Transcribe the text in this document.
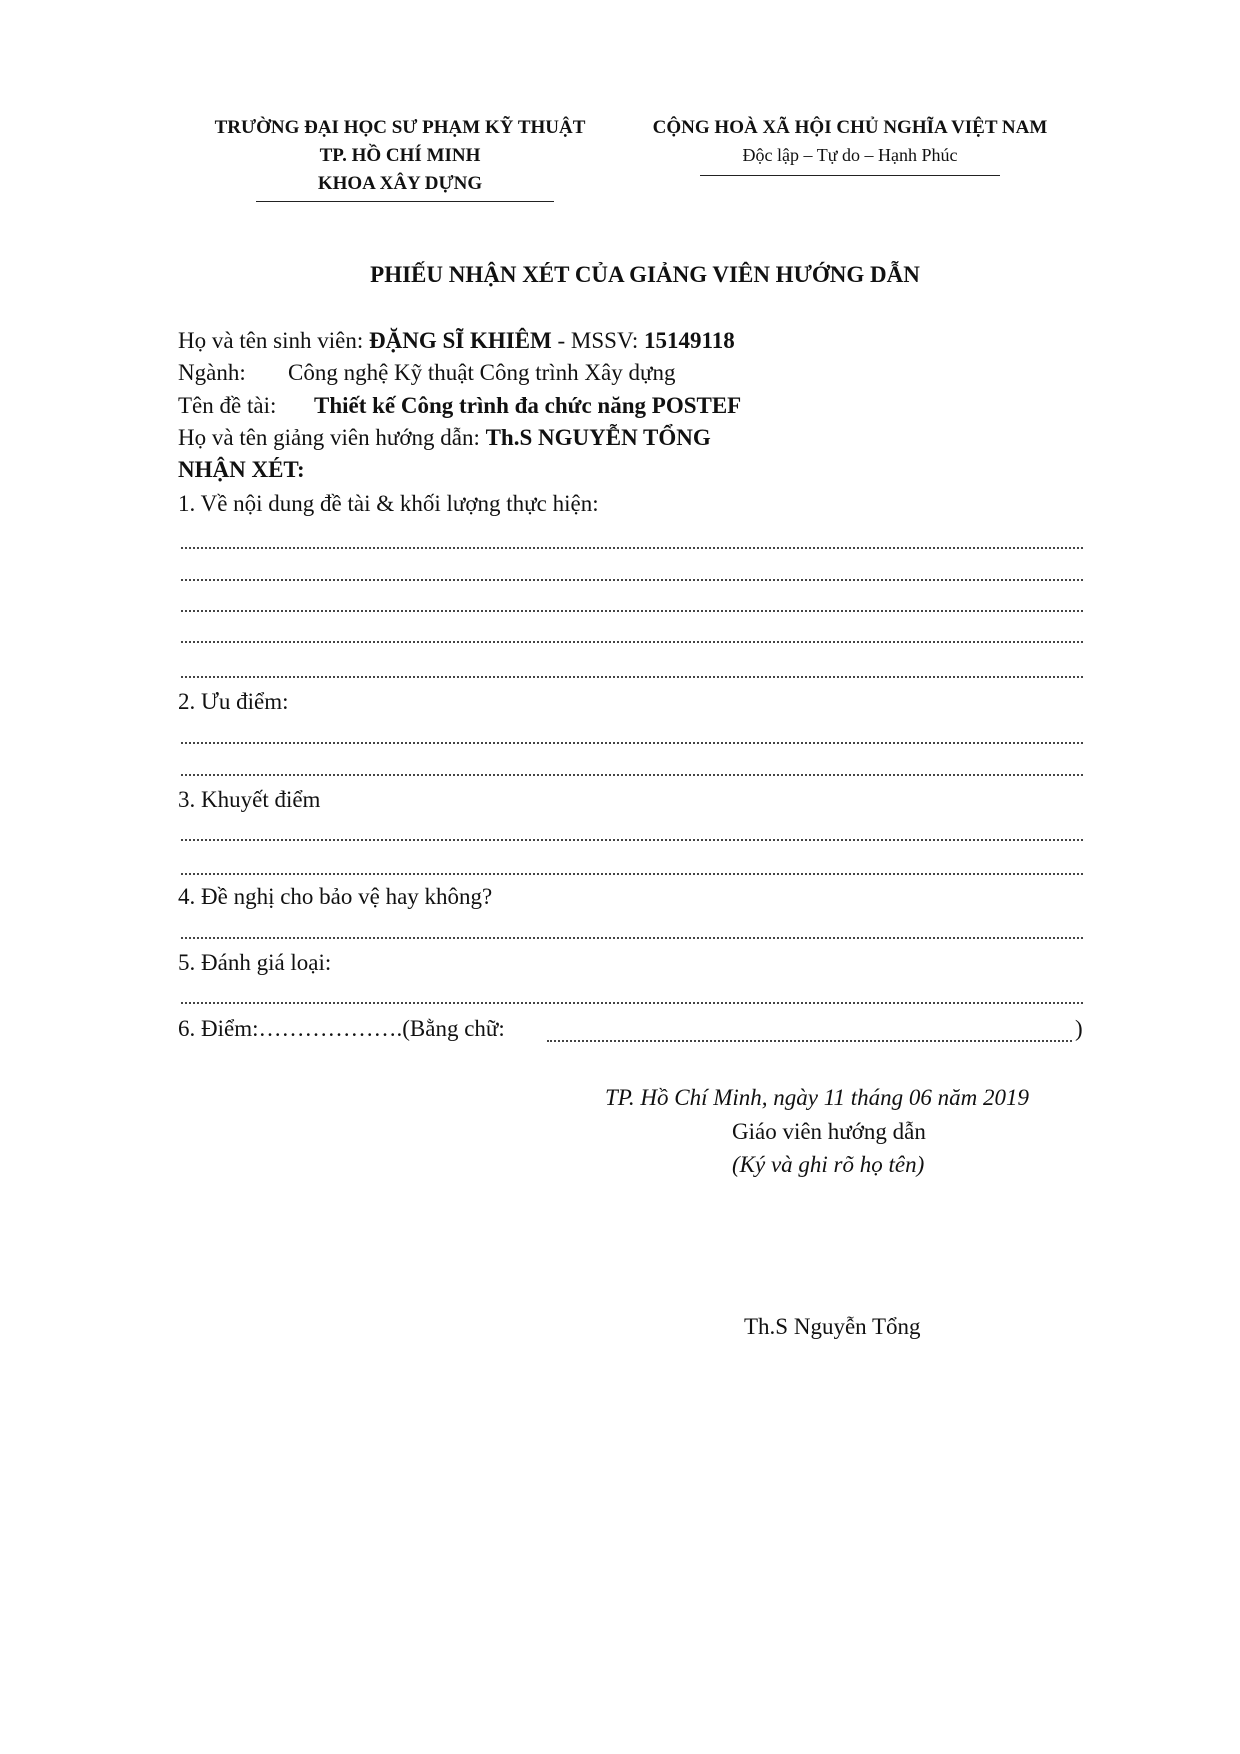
TRƯỜNG ĐẠI HỌC SƯ PHẠM KỸ THUẬT
TP. HỒ CHÍ MINH
KHOA XÂY DỰNG
CỘNG HOÀ XÃ HỘI CHỦ NGHĨA VIỆT NAM
Độc lập – Tự do – Hạnh Phúc
PHIẾU NHẬN XÉT CỦA GIẢNG VIÊN HƯỚNG DẪN
Họ và tên sinh viên: ĐẶNG SĨ KHIÊM - MSSV: 15149118
Ngành: Công nghệ Kỹ thuật Công trình Xây dựng
Tên đề tài: Thiết kế Công trình đa chức năng POSTEF
Họ và tên giảng viên hướng dẫn: Th.S NGUYỄN TỔNG
NHẬN XÉT:
1. Về nội dung đề tài & khối lượng thực hiện:
2. Ưu điểm:
3. Khuyết điểm
4. Đề nghị cho bảo vệ hay không?
5. Đánh giá loại:
6. Điểm:……………….(Bằng chữ:	)
TP. Hồ Chí Minh, ngày 11 tháng 06 năm 2019
Giáo viên hướng dẫn
(Ký và ghi rõ họ tên)
Th.S Nguyễn Tổng
